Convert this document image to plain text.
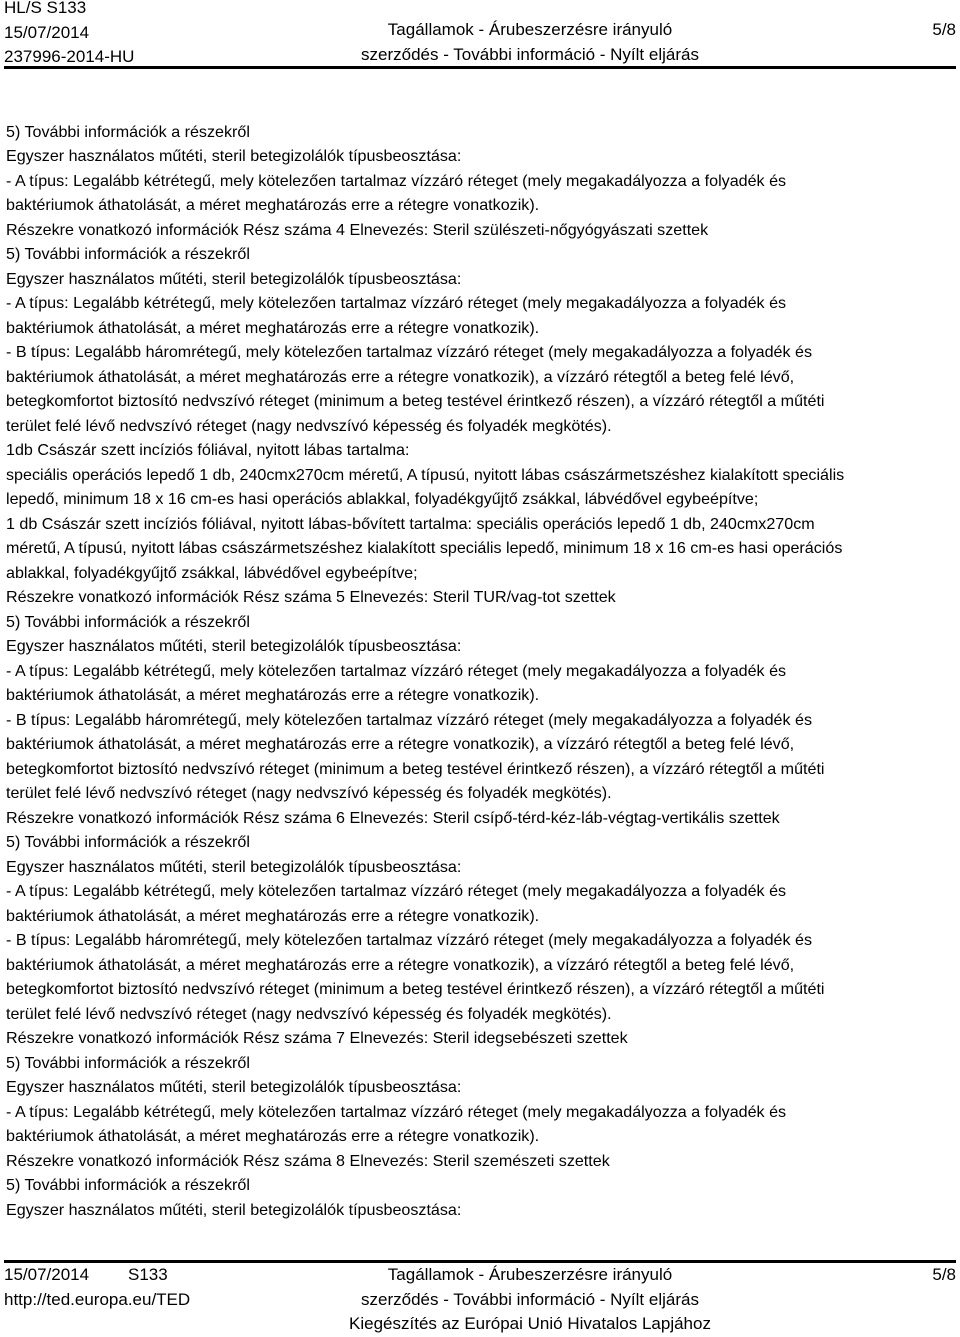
HL/S S133
15/07/2014
237996-2014-HU
Tagállamok - Árubeszerzésre irányuló
szerződés - További információ - Nyílt eljárás
5/8
5) További információk a részekről
Egyszer használatos műtéti, steril betegizolálók típusbeosztása:
- A típus: Legalább kétrétegű, mely kötelezően tartalmaz vízzáró réteget (mely megakadályozza a folyadék és
baktériumok áthatolását, a méret meghatározás erre a rétegre vonatkozik).
Részekre vonatkozó információk Rész száma 4 Elnevezés: Steril szülészeti-nőgyógyászati szettek
5) További információk a részekről
Egyszer használatos műtéti, steril betegizolálók típusbeosztása:
- A típus: Legalább kétrétegű, mely kötelezően tartalmaz vízzáró réteget (mely megakadályozza a folyadék és
baktériumok áthatolását, a méret meghatározás erre a rétegre vonatkozik).
- B típus: Legalább háromrétegű, mely kötelezően tartalmaz vízzáró réteget (mely megakadályozza a folyadék és
baktériumok áthatolását, a méret meghatározás erre a rétegre vonatkozik), a vízzáró rétegtől a beteg felé lévő,
betegkomfortot biztosító nedvszívó réteget (minimum a beteg testével érintkező részen), a vízzáró rétegtől a műtéti
terület felé lévő nedvszívó réteget (nagy nedvszívó képesség és folyadék megkötés).
1db Császár szett incíziós fóliával, nyitott lábas tartalma:
speciális operációs lepedő 1 db, 240cmx270cm méretű, A típusú, nyitott lábas császármetszéshez kialakított speciális
lepedő, minimum 18 x 16 cm-es hasi operációs ablakkal, folyadékgyűjtő zsákkal, lábvédővel egybeépítve;
1 db Császár szett incíziós fóliával, nyitott lábas-bővített tartalma: speciális operációs lepedő 1 db, 240cmx270cm
méretű, A típusú, nyitott lábas császármetszéshez kialakított speciális lepedő, minimum 18 x 16 cm-es hasi operációs
ablakkal, folyadékgyűjtő zsákkal, lábvédővel egybeépítve;
Részekre vonatkozó információk Rész száma 5 Elnevezés: Steril TUR/vag-tot szettek
5) További információk a részekről
Egyszer használatos műtéti, steril betegizolálók típusbeosztása:
- A típus: Legalább kétrétegű, mely kötelezően tartalmaz vízzáró réteget (mely megakadályozza a folyadék és
baktériumok áthatolását, a méret meghatározás erre a rétegre vonatkozik).
- B típus: Legalább háromrétegű, mely kötelezően tartalmaz vízzáró réteget (mely megakadályozza a folyadék és
baktériumok áthatolását, a méret meghatározás erre a rétegre vonatkozik), a vízzáró rétegtől a beteg felé lévő,
betegkomfortot biztosító nedvszívó réteget (minimum a beteg testével érintkező részen), a vízzáró rétegtől a műtéti
terület felé lévő nedvszívó réteget (nagy nedvszívó képesség és folyadék megkötés).
Részekre vonatkozó információk Rész száma 6 Elnevezés: Steril csípő-térd-kéz-láb-végtag-vertikális szettek
5) További információk a részekről
Egyszer használatos műtéti, steril betegizolálók típusbeosztása:
- A típus: Legalább kétrétegű, mely kötelezően tartalmaz vízzáró réteget (mely megakadályozza a folyadék és
baktériumok áthatolását, a méret meghatározás erre a rétegre vonatkozik).
- B típus: Legalább háromrétegű, mely kötelezően tartalmaz vízzáró réteget (mely megakadályozza a folyadék és
baktériumok áthatolását, a méret meghatározás erre a rétegre vonatkozik), a vízzáró rétegtől a beteg felé lévő,
betegkomfortot biztosító nedvszívó réteget (minimum a beteg testével érintkező részen), a vízzáró rétegtől a műtéti
terület felé lévő nedvszívó réteget (nagy nedvszívó képesség és folyadék megkötés).
Részekre vonatkozó információk Rész száma 7 Elnevezés: Steril idegsebészeti szettek
5) További információk a részekről
Egyszer használatos műtéti, steril betegizolálók típusbeosztása:
- A típus: Legalább kétrétegű, mely kötelezően tartalmaz vízzáró réteget (mely megakadályozza a folyadék és
baktériumok áthatolását, a méret meghatározás erre a rétegre vonatkozik).
Részekre vonatkozó információk Rész száma 8 Elnevezés: Steril szemészeti szettek
5) További információk a részekről
Egyszer használatos műtéti, steril betegizolálók típusbeosztása:
15/07/2014 S133
http://ted.europa.eu/TED
Tagállamok - Árubeszerzésre irányuló
szerződés - További információ - Nyílt eljárás
Kiegészítés az Európai Unió Hivatalos Lapjához
5/8
